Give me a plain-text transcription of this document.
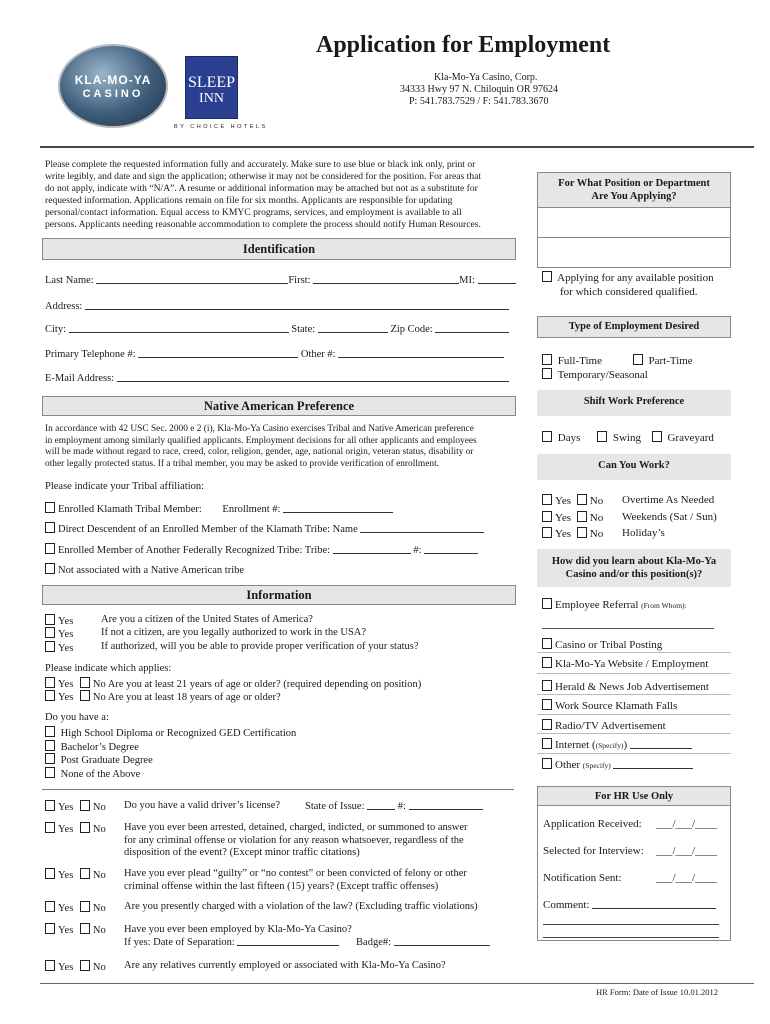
Application for Employment
Kla-Mo-Ya Casino, Corp.
34333 Hwy 97 N. Chiloquin OR 97624
P: 541.783.7529 / F: 541.783.3670
KLA-MO-YA
CASINO
SLEEP
INN
BY CHOICE HOTELS
Please complete the requested information fully and accurately. Make sure to use blue or black ink only, print or
write legibly, and date and sign the application; otherwise it may not be considered for the position. For areas that
do not apply, indicate with “N/A”. A resume or additional information may be attached but not as a substitute for
requested information. Applications remain on file for six months. Applicants are responsible for updating
personal/contact information. Equal access to KMYC programs, services, and employment is available to all
persons. Applicants needing reasonable accommodation to complete the process should notify Human Resources.
Identification
Last Name:	First:	MI:
Address:
City:	State:	Zip Code:
Primary Telephone #:	Other #:
E-Mail Address:
Native American Preference
In accordance with 42 USC Sec. 2000 e 2 (i), Kla-Mo-Ya Casino exercises Tribal and Native American preference
in employment among similarly qualified applicants. Employment decisions for all other applicants and employees
will be made without regard to race, creed, color, religion, gender, age, national origin, veteran status, disability or
other legally protected status. If a tribal member, you may be asked to provide verification of enrollment.
Please indicate your Tribal affiliation:
Enrolled Klamath Tribal Member: Enrollment #:
Direct Descendent of an Enrolled Member of the Klamath Tribe: Name
Enrolled Member of Another Federally Recognized Tribe: Tribe:	#:
Not associated with a Native American tribe
Information
Yes	Are you a citizen of the United States of America?
Yes	If not a citizen, are you legally authorized to work in the USA?
Yes	If authorized, will you be able to provide proper verification of your status?
Please indicate which applies:
Yes No Are you at least 21 years of age or older? (required depending on position)
Yes No Are you at least 18 years of age or older?
Do you have a:
High School Diploma or Recognized GED Certification
Bachelor’s Degree
Post Graduate Degree
None of the Above
Yes No Do you have a valid driver’s license? State of Issue:	#:
Yes No Have you ever been arrested, detained, charged, indicted, or summoned to answer
for any criminal offense or violation for any reason whatsoever, regardless of the
disposition of the event? (Except minor traffic citations)
Yes No Have you ever plead “guilty” or “no contest” or been convicted of felony or other
criminal offense within the last fifteen (15) years? (Except traffic offenses)
Yes No Are you presently charged with a violation of the law? (Excluding traffic violations)
Yes No Have you ever been employed by Kla-Mo-Ya Casino?
If yes: Date of Separation:	Badge#:
Yes No Are any relatives currently employed or associated with Kla-Mo-Ya Casino?
For What Position or Department
Are You Applying?
Applying for any available position
for which considered qualified.
Type of Employment Desired
Full-Time	Part-Time
Temporary/Seasonal
Shift Work Preference
Days	Swing Graveyard
Can You Work?
Yes No Overtime As Needed
Yes No Weekends (Sat / Sun)
Yes No Holiday’s
How did you learn about Kla-Mo-Ya
Casino and/or this position(s)?
Employee Referral (From Whom):
Casino or Tribal Posting
Kla-Mo-Ya Website / Employment
Herald & News Job Advertisement
Work Source Klamath Falls
Radio/TV Advertisement
Internet ((Specify))
Other (Specify)
For HR Use Only
Application Received: ___/___/____
Selected for Interview: ___/___/____
Notification Sent:	___/___/____
Comment:
HR Form: Date of Issue 10.01.2012
